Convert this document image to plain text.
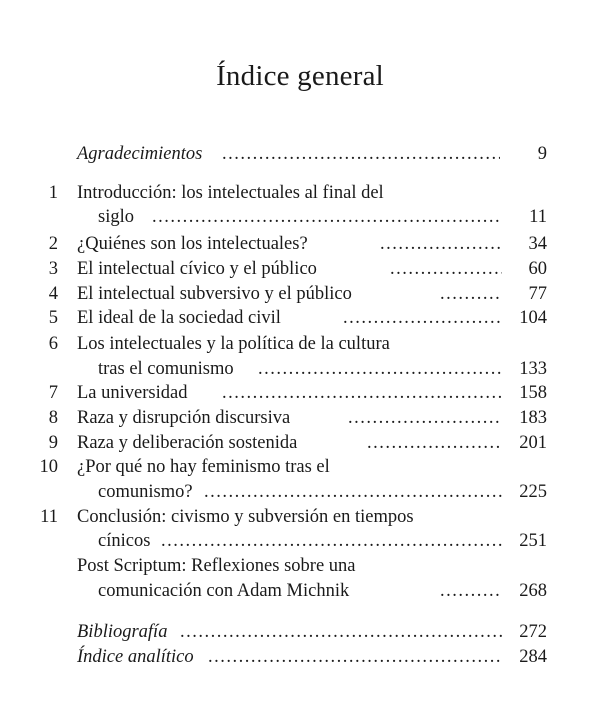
Índice general
Agradecimientos .....	9
1 Introducción: los intelectuales al final del
siglo .....	11
2 ¿Quiénes son los intelectuales? .....	34
3 El intelectual cívico y el público .....	60
4 El intelectual subversivo y el público .....	77
5 El ideal de la sociedad civil .....	104
6 Los intelectuales y la política de la cultura
tras el comunismo .....	133
7 La universidad .....	158
8 Raza y disrupción discursiva .....	183
9 Raza y deliberación sostenida .....	201
10 ¿Por qué no hay feminismo tras el
comunismo? .....	225
11 Conclusión: civismo y subversión en tiempos
cínicos .....	251
Post Scriptum: Reflexiones sobre una
comunicación con Adam Michnik .....	268
Bibliografía .....	272
Índice analítico .....	284
